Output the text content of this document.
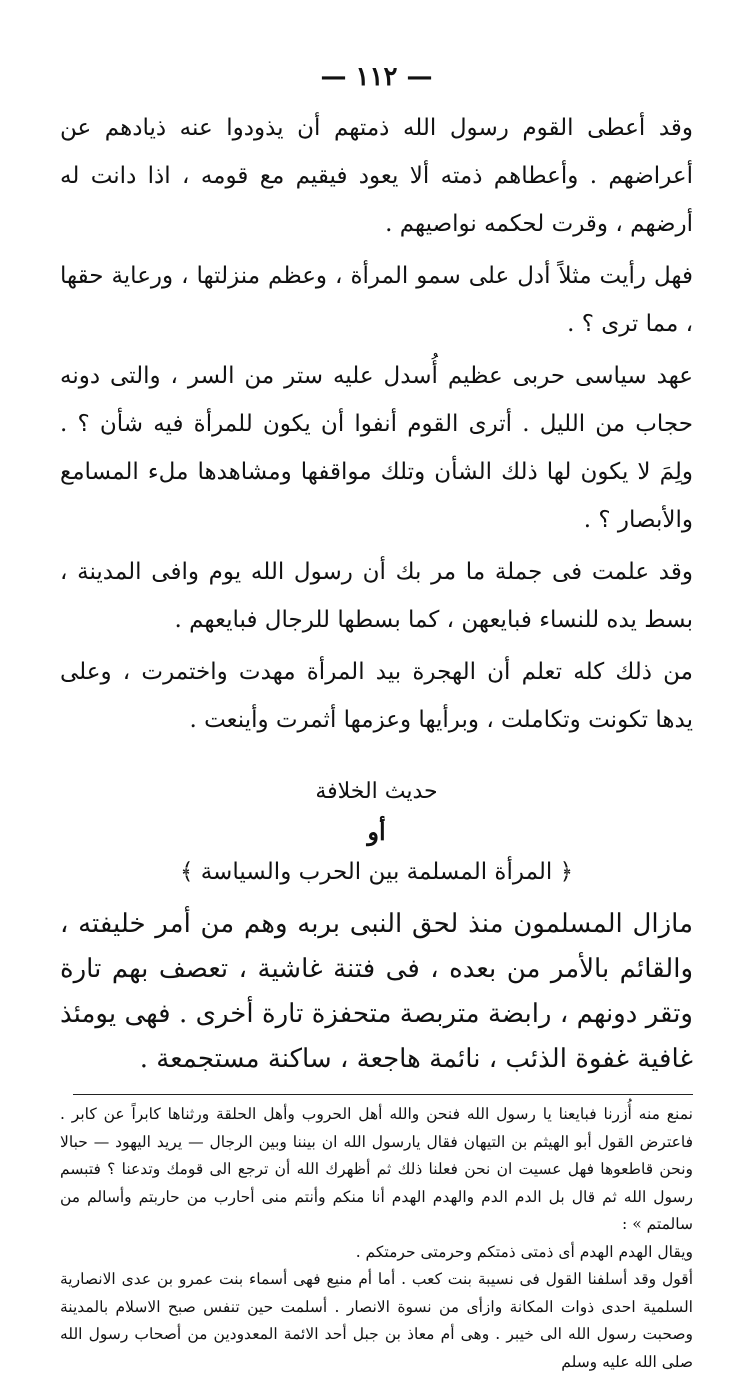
— ١١٢ —

وقد أعطى القوم رسول الله ذمتهم أن يذودوا عنه ذيادهم عن أعراضهم . وأعطاهم ذمته ألا يعود فيقيم مع قومه ، اذا دانت له أرضهم ، وقرت لحكمه نواصيهم .

فهل رأيت مثلاً أدل على سمو المرأة ، وعظم منزلتها ، ورعاية حقها ، مما ترى ؟ .

عهد سياسى حربى عظيم أُسدل عليه ستر من السر ، والتى دونه حجاب من الليل . أترى القوم أنفوا أن يكون للمرأة فيه شأن ؟ . ولِمَ لا يكون لها ذلك الشأن وتلك مواقفها ومشاهدها ملء المسامع والأبصار ؟ .

وقد علمت فى جملة ما مر بك أن رسول الله يوم وافى المدينة ، بسط يده للنساء فبايعهن ، كما بسطها للرجال فبايعهم .

من ذلك كله تعلم أن الهجرة بيد المرأة مهدت واختمرت ، وعلى يدها تكونت وتكاملت ، وبرأيها وعزمها أثمرت وأينعت .

حديث الخلافة
أو
﴿ المرأة المسلمة بين الحرب والسياسة ﴾

مازال المسلمون منذ لحق النبى بربه وهم من أمر خليفته ، والقائم بالأمر من بعده ، فى فتنة غاشية ، تعصف بهم تارة وتقر دونهم ، رابضة متربصة متحفزة تارة أخرى . فهى يومئذ غافية غفوة الذئب ، نائمة هاجعة ، ساكنة مستجمعة .

نمنع منه أُزرنا فبايعنا يا رسول الله فنحن والله أهل الحروب وأهل الحلقة ورثناها كابراً عن كابر . فاعترض القول أبو الهيثم بن التيهان فقال يارسول الله ان بيننا وبين الرجال — يريد اليهود — حبالا ونحن قاطعوها فهل عسيت ان نحن فعلنا ذلك ثم أظهرك الله أن ترجع الى قومك وتدعنا ؟ فتبسم رسول الله ثم قال بل الدم الدم والهدم الهدم أنا منكم وأنتم منى أحارب من حاربتم وأسالم من سالمتم » :

ويقال الهدم الهدم أى ذمتى ذمتكم وحرمتى حرمتكم .

أقول وقد أسلفنا القول فى نسيبة بنت كعب . أما أم منيع فهى أسماء بنت عمرو بن عدى الانصارية السلمية احدى ذوات المكانة وازأى من نسوة الانصار . أسلمت حين تنفس صبح الاسلام بالمدينة وصحبت رسول الله الى خيبر . وهى أم معاذ بن جبل أحد الائمة المعدودين من أصحاب رسول الله صلى الله عليه وسلم
